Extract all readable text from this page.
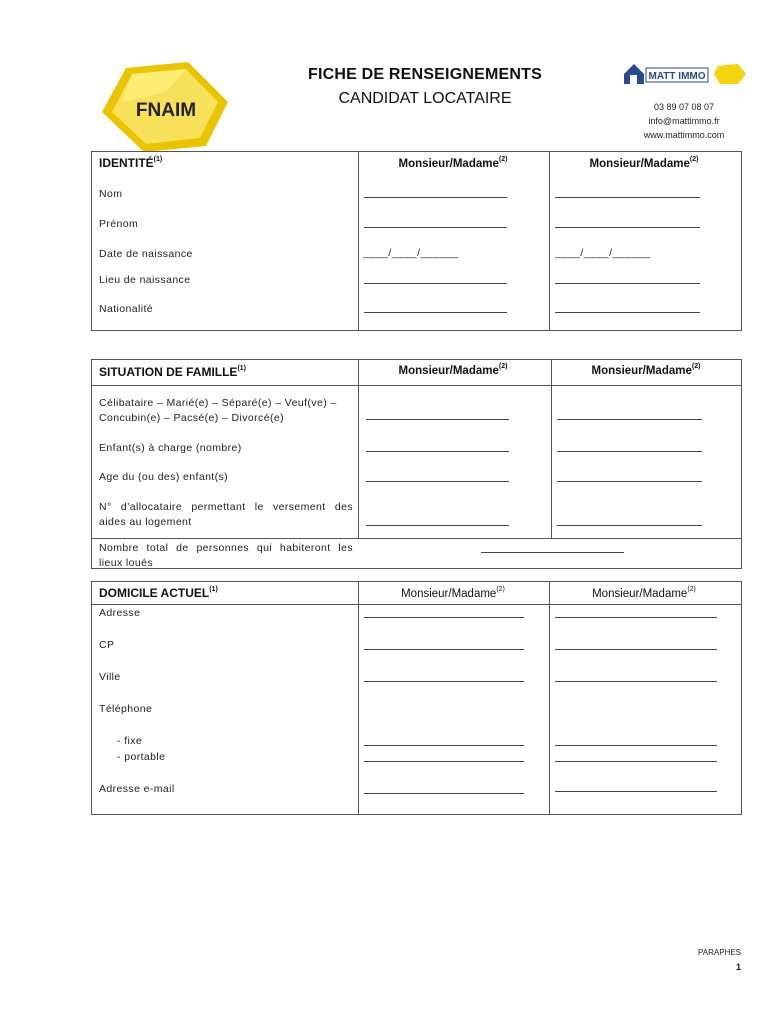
FNAIM
FICHE DE RENSEIGNEMENTS
CANDIDAT LOCATAIRE
MATT IMMO
03 89 07 08 07
info@mattimmo.fr
www.mattimmo.com
IDENTITÉ$^{(1)}$	Monsieur/Madame$^{(2)}$	Monsieur/Madame$^{(2)}$
Nom
Prénom
Date de naissance	____/____/______	____/____/______
Lieu de naissance
Nationalité
SITUATION DE FAMILLE$^{(1)}$	Monsieur/Madame$^{(2)}$	Monsieur/Madame$^{(2)}$
Célibataire – Marié(e) – Séparé(e) – Veuf(ve) – Concubin(e) – Pacsé(e) – Divorcé(e)
Enfant(s) à charge (nombre)
Age du (ou des) enfant(s)
N° d’allocataire permettant le versement des aides au logement
Nombre total de personnes qui habiteront les lieux loués
DOMICILE ACTUEL$^{(1)}$	Monsieur/Madame$^{(2)}$	Monsieur/Madame$^{(2)}$
Adresse
CP
Ville
Téléphone
- fixe
- portable
Adresse e-mail
PARAPHES
1
